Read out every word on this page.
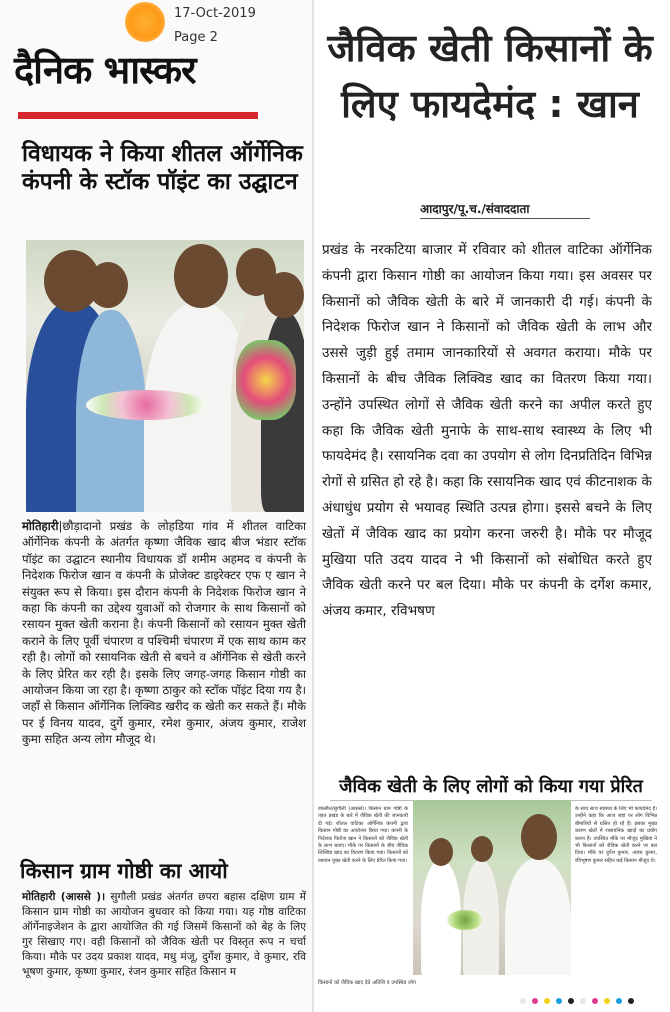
17-Oct-2019
Page 2
दैनिक भास्कर
विधायक ने किया शीतल ऑर्गेनिक कंपनी के स्टॉक पॉइंट का उद्घाटन
मोतिहारी|छौड़ादानो प्रखंड के लोहडिया गांव में शीतल वाटिका ऑर्गेनिक कंपनी के अंतर्गत कृष्णा जैविक खाद बीज भंडार स्टॉक पॉइंट का उद्घाटन स्थानीय विधायक डॉ शमीम अहमद व कंपनी के निदेशक फिरोज खान व कंपनी के प्रोजेक्ट डाइरेक्टर एफ ए खान ने संयुक्त रूप से किया। इस दौरान कंपनी के निदेशक फिरोज खान ने कहा कि कंपनी का उद्देश्य युवाओं को रोजगार के साथ किसानों को रसायन मुक्त खेती कराना है। कंपनी किसानों को रसायन मुक्त खेती कराने के लिए पूर्वी चंपारण व पश्चिमी चंपारण में एक साथ काम कर रही है। लोगों को रसायनिक खेती से बचने व ऑर्गेनिक से खेती करने के लिए प्रेरित कर रही है। इसके लिए जगह-जगह किसान गोष्ठी का आयोजन किया जा रहा है। कृष्णा ठाकुर को स्टॉक पॉइंट दिया गय है। जहाँ से किसान ऑर्गेनिक लिक्विड खरीद क खेती कर सकते हैं। मौके पर ई विनय यादव, दुर्गे कुमार, रमेश कुमार, अंजय कुमार, राजेश कुमा सहित अन्य लोग मौजूद थे।
किसान ग्राम गोष्ठी का आयो
मोतिहारी (आससे )। सुगौली प्रखंड अंतर्गत छपरा बहास दक्षिण ग्राम में किसान ग्राम गोष्ठी का आयोजन बुधवार को किया गया। यह गोष्ठ वाटिका ऑर्गेनाइजेशन के द्वारा आयोजित की गई जिसमें किसानों को बेह के लिए गुर सिखाए गए। वही किसानों को जैविक खेती पर विस्तृत रूप न चर्चा किया। मौके पर उदय प्रकाश यादव, मधु मंजू, दुर्गेश कुमार, वे कुमार, रवि भूषण कुमार, कृष्णा कुमार, रंजन कुमार सहित किसान म
जैविक खेती किसानों के लिए फायदेमंद : खान
आदापुर/पू.च./संवाददाता
प्रखंड के नरकटिया बाजार में रविवार को शीतल वाटिका ऑर्गेनिक कंपनी द्वारा किसान गोष्ठी का आयोजन किया गया। इस अवसर पर किसानों को जैविक खेती के बारे में जानकारी दी गई। कंपनी के निदेशक फिरोज खान ने किसानों को जैविक खेती के लाभ और उससे जुड़ी हुई तमाम जानकारियों से अवगत कराया। मौके पर किसानों के बीच जैविक लिक्विड खाद का वितरण किया गया। उन्होंने उपस्थित लोगों से जैविक खेती करने का अपील करते हुए कहा कि जैविक खेती मुनाफे के साथ-साथ स्वास्थ्य के लिए भी फायदेमंद है। रसायनिक दवा का उपयोग से लोग दिनप्रतिदिन विभिन्न रोगों से ग्रसित हो रहे है। कहा कि रसायनिक खाद एवं कीटनाशक के अंधाधुंध प्रयोग से भयावह स्थिति उत्पन्न होगा। इससे बचने के लिए खेतों में जैविक खाद का प्रयोग करना जरुरी है। मौके पर मौजूद मुखिया पति उदय यादव ने भी किसानों को संबोधित करते हुए जैविक खेती करने पर बल दिया। मौके पर कंपनी के दर्गेश कमार, अंजय कमार, रविभषण
जैविक खेती के लिए लोगों को किया गया प्रेरित
रकसौल/सुगौली (आससे)। किसान ग्राम गोष्ठी के तहत प्रखंड के बारे में जैविक खेती की जानकारी दी गई। शीतल वाटिका ऑर्गेनिक कंपनी द्वारा किसान गोष्ठी का आयोजन किया गया। कंपनी के निदेशक फिरोज खान ने किसानों को जैविक खेती के लाभ बताए। मौके पर किसानों के बीच जैविक लिक्विड खाद का वितरण किया गया। किसानों को रसायन मुक्त खेती करने के लिए प्रेरित किया गया।
के साथ साथ स्वास्थ्य के लिए भी फायदेमंद है। उन्होंने कहा कि आज जहां पर लोग विभिन्न बीमारियों से ग्रसित हो रहे हैं। इसका मुख्य कारण खेतों में रासायनिक खादों का प्रयोग करना है। उपस्थित मौके पर मौजूद मुखिया ने भी किसानों को जैविक खेती करने पर बल दिया। मौके पर दुर्गेश कुमार, अंजय कुमार, रविभूषण कुमार सहित कई किसान मौजूद थे।
किसानों को जैविक खाद देते अतिथि व उपस्थित लोग
